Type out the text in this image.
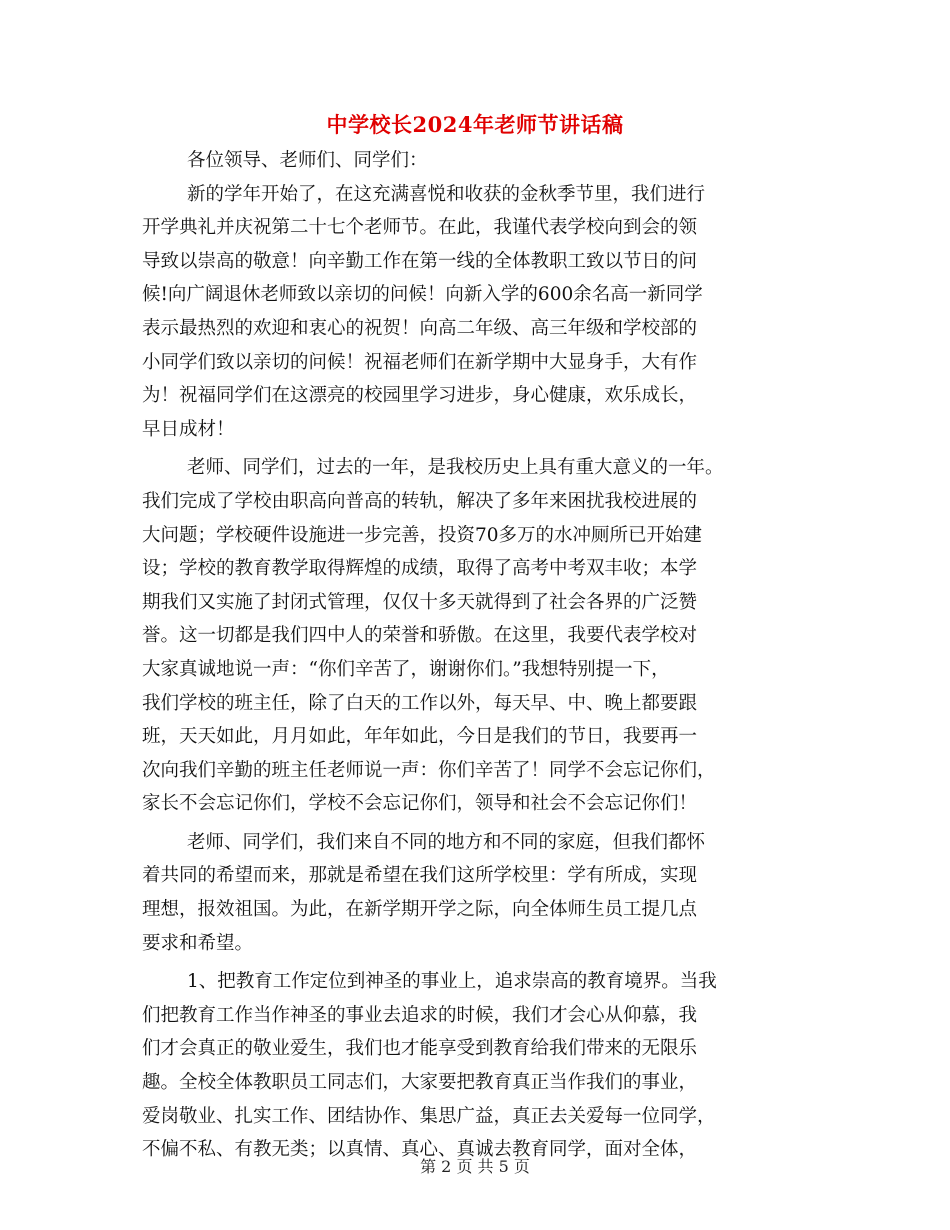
中学校长2024年老师节讲话稿
各位领导、老师们、同学们：
新的学年开始了，在这充满喜悦和收获的金秋季节里，我们进行
开学典礼并庆祝第二十七个老师节。在此，我谨代表学校向到会的领
导致以崇高的敬意！向辛勤工作在第一线的全体教职工致以节日的问
候!向广阔退休老师致以亲切的问候！向新入学的600余名高一新同学
表示最热烈的欢迎和衷心的祝贺！向高二年级、高三年级和学校部的
小同学们致以亲切的问候！祝福老师们在新学期中大显身手，大有作
为！祝福同学们在这漂亮的校园里学习进步，身心健康，欢乐成长，
早日成材！
老师、同学们，过去的一年，是我校历史上具有重大意义的一年。
我们完成了学校由职高向普高的转轨，解决了多年来困扰我校进展的
大问题；学校硬件设施进一步完善，投资70多万的水冲厕所已开始建
设；学校的教育教学取得辉煌的成绩，取得了高考中考双丰收；本学
期我们又实施了封闭式管理，仅仅十多天就得到了社会各界的广泛赞
誉。这一切都是我们四中人的荣誉和骄傲。在这里，我要代表学校对
大家真诚地说一声：“你们辛苦了，谢谢你们。”我想特别提一下，
我们学校的班主任，除了白天的工作以外，每天早、中、晚上都要跟
班，天天如此，月月如此，年年如此，今日是我们的节日，我要再一
次向我们辛勤的班主任老师说一声：你们辛苦了！同学不会忘记你们，
家长不会忘记你们，学校不会忘记你们，领导和社会不会忘记你们！
老师、同学们，我们来自不同的地方和不同的家庭，但我们都怀
着共同的希望而来，那就是希望在我们这所学校里：学有所成，实现
理想，报效祖国。为此，在新学期开学之际，向全体师生员工提几点
要求和希望。
1、把教育工作定位到神圣的事业上，追求崇高的教育境界。当我
们把教育工作当作神圣的事业去追求的时候，我们才会心从仰慕，我
们才会真正的敬业爱生，我们也才能享受到教育给我们带来的无限乐
趣。全校全体教职员工同志们，大家要把教育真正当作我们的事业，
爱岗敬业、扎实工作、团结协作、集思广益，真正去关爱每一位同学，
不偏不私、有教无类；以真情、真心、真诚去教育同学，面对全体，
第 2 页 共 5 页
